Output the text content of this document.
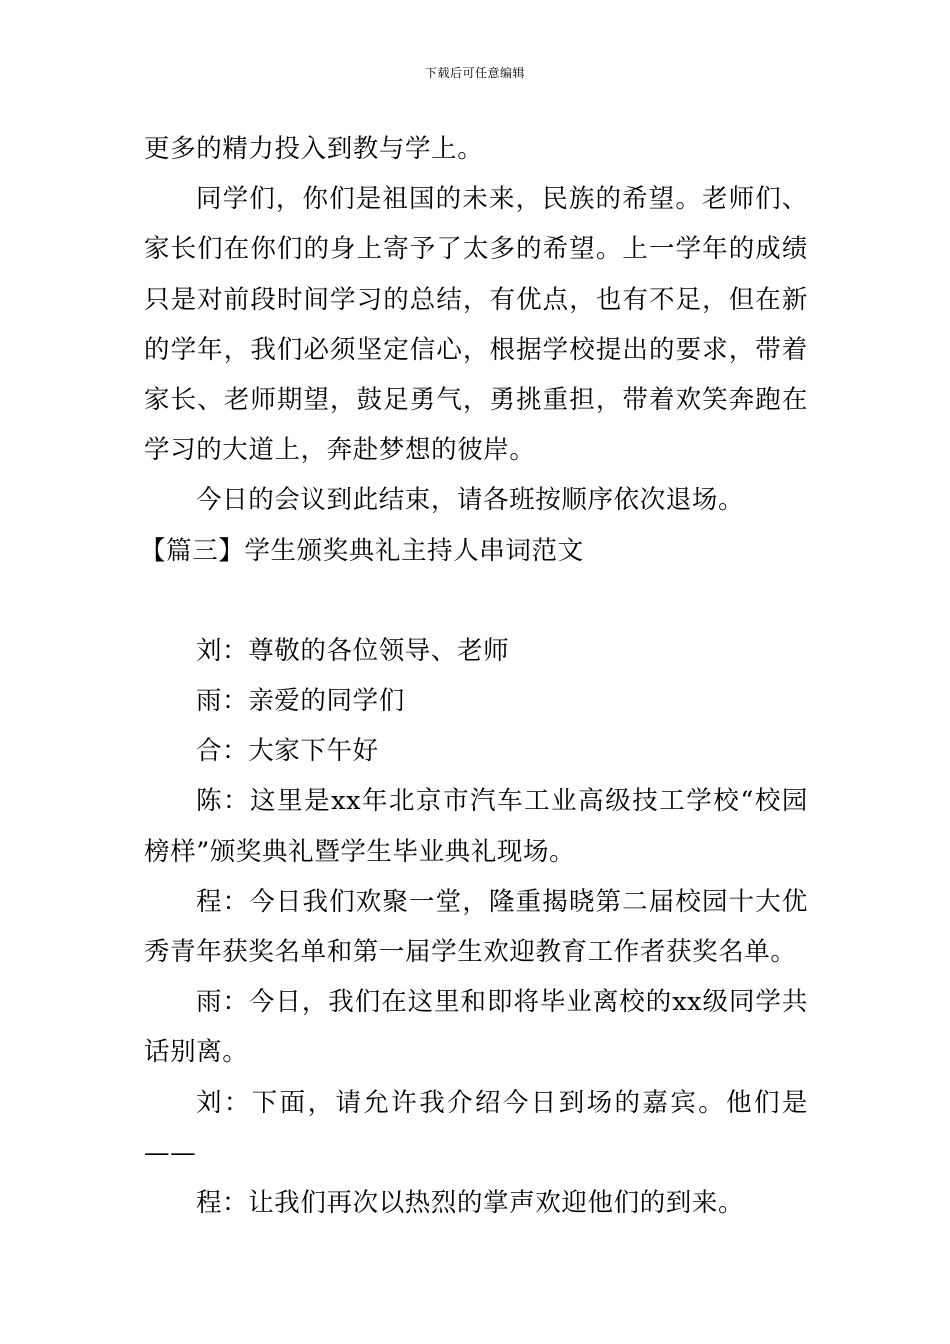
下载后可任意编辑

更多的精力投入到教与学上。

同学们，你们是祖国的未来，民族的希望。老师们、家长们在你们的身上寄予了太多的希望。上一学年的成绩只是对前段时间学习的总结，有优点，也有不足，但在新的学年，我们必须坚定信心，根据学校提出的要求，带着家长、老师期望，鼓足勇气，勇挑重担，带着欢笑奔跑在学习的大道上，奔赴梦想的彼岸。

今日的会议到此结束，请各班按顺序依次退场。

【篇三】学生颁奖典礼主持人串词范文

刘：尊敬的各位领导、老师

雨：亲爱的同学们

合：大家下午好

陈：这里是xx年北京市汽车工业高级技工学校“校园榜样”颁奖典礼暨学生毕业典礼现场。

程：今日我们欢聚一堂，隆重揭晓第二届校园十大优秀青年获奖名单和第一届学生欢迎教育工作者获奖名单。

雨：今日，我们在这里和即将毕业离校的xx级同学共话别离。

刘：下面，请允许我介绍今日到场的嘉宾。他们是——

程：让我们再次以热烈的掌声欢迎他们的到来。
